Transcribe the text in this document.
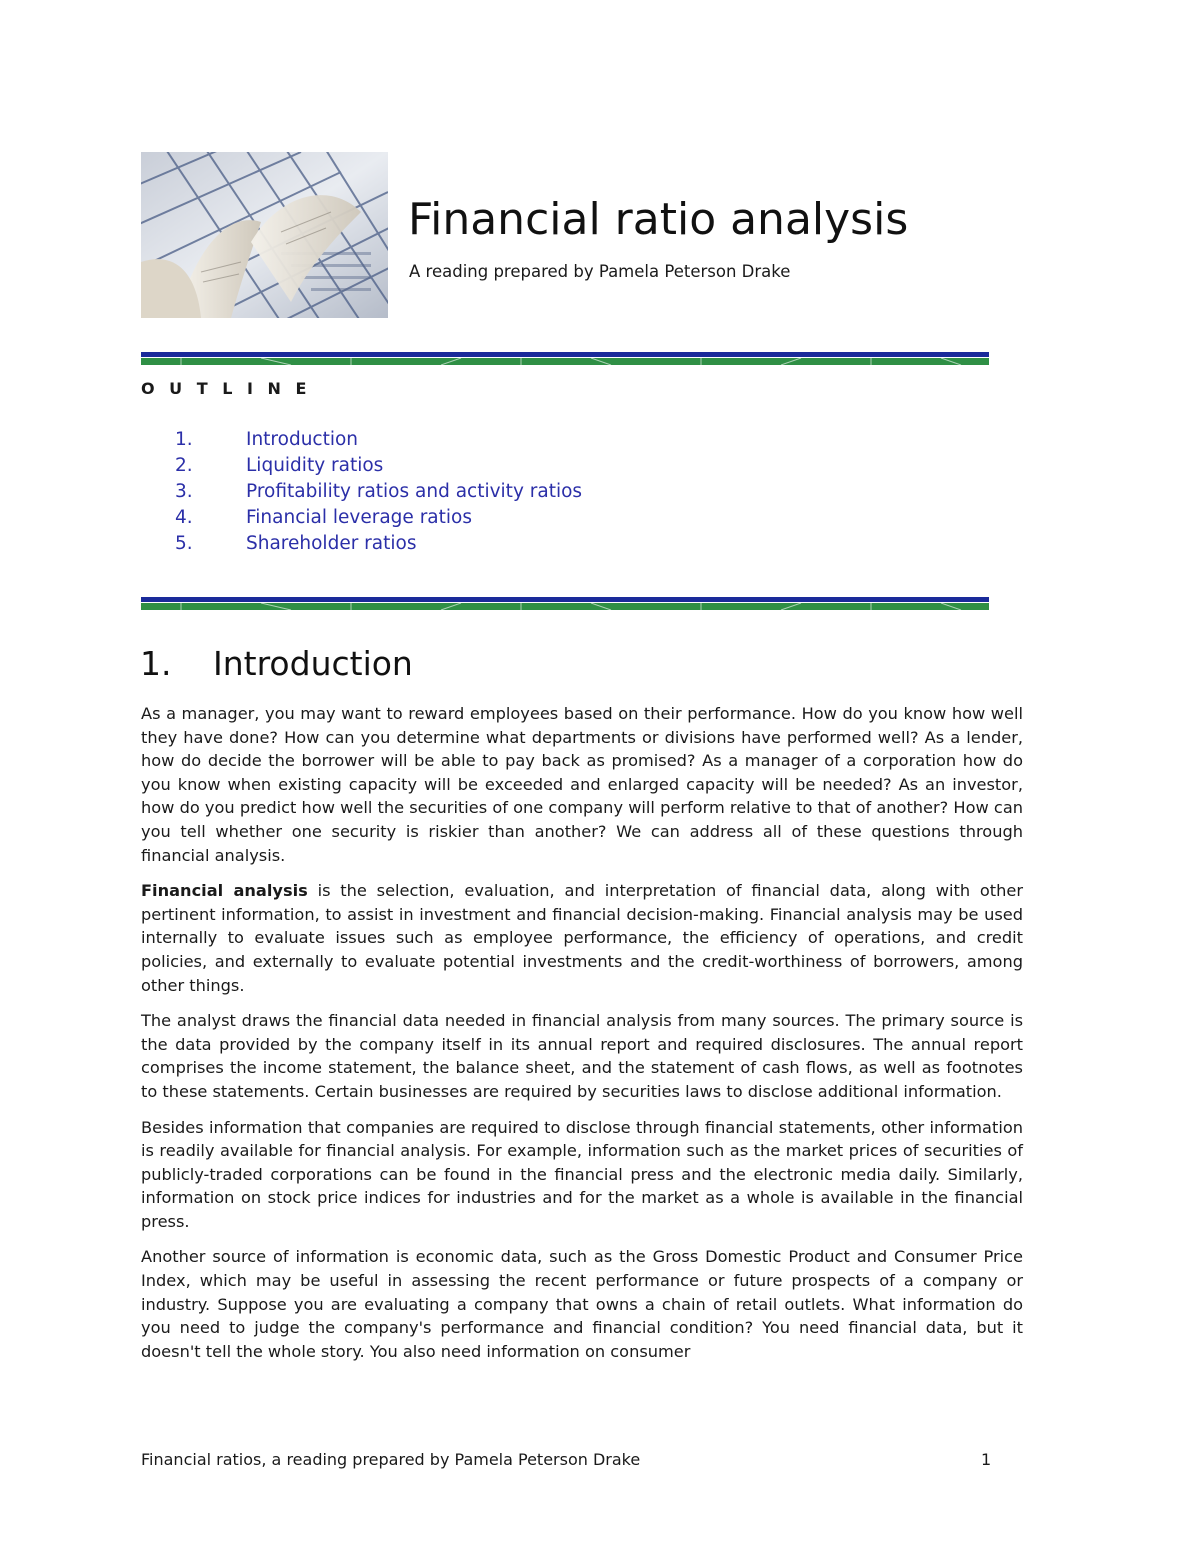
Financial ratio analysis

A reading prepared by Pamela Peterson Drake

O U T L I N E
1.	Introduction
2.	Liquidity ratios
3.	Profitability ratios and activity ratios
4.	Financial leverage ratios
5.	Shareholder ratios
1. Introduction

As a manager, you may want to reward employees based on their performance. How do you know how well they have done? How can you determine what departments or divisions have performed well? As a lender, how do decide the borrower will be able to pay back as promised? As a manager of a corporation how do you know when existing capacity will be exceeded and enlarged capacity will be needed? As an investor, how do you predict how well the securities of one company will perform relative to that of another? How can you tell whether one security is riskier than another? We can address all of these questions through financial analysis.

Financial analysis is the selection, evaluation, and interpretation of financial data, along with other pertinent information, to assist in investment and financial decision-making. Financial analysis may be used internally to evaluate issues such as employee performance, the efficiency of operations, and credit policies, and externally to evaluate potential investments and the credit-worthiness of borrowers, among other things.

The analyst draws the financial data needed in financial analysis from many sources. The primary source is the data provided by the company itself in its annual report and required disclosures. The annual report comprises the income statement, the balance sheet, and the statement of cash flows, as well as footnotes to these statements. Certain businesses are required by securities laws to disclose additional information.

Besides information that companies are required to disclose through financial statements, other information is readily available for financial analysis. For example, information such as the market prices of securities of publicly-traded corporations can be found in the financial press and the electronic media daily. Similarly, information on stock price indices for industries and for the market as a whole is available in the financial press.

Another source of information is economic data, such as the Gross Domestic Product and Consumer Price Index, which may be useful in assessing the recent performance or future prospects of a company or industry. Suppose you are evaluating a company that owns a chain of retail outlets. What information do you need to judge the company's performance and financial condition? You need financial data, but it doesn't tell the whole story. You also need information on consumer

Financial ratios, a reading prepared by Pamela Peterson Drake	1
